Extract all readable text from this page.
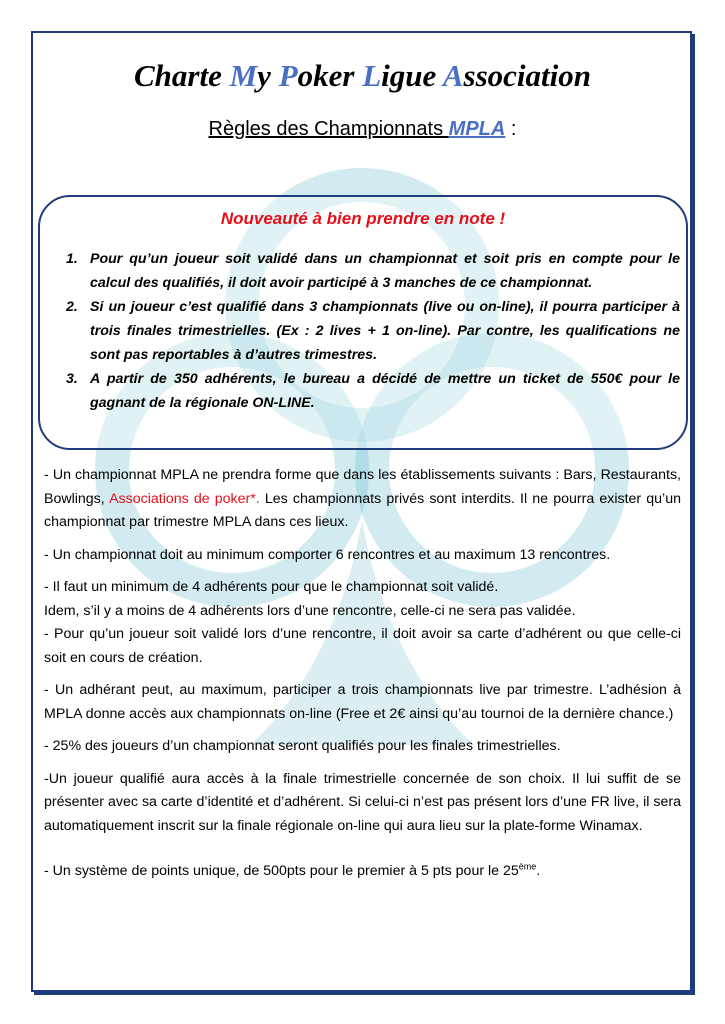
Charte My Poker Ligue Association
Règles des Championnats MPLA :
Nouveauté à bien prendre en note !
1. Pour qu’un joueur soit validé dans un championnat et soit pris en compte pour le calcul des qualifiés, il doit avoir participé à 3 manches de ce championnat.
2. Si un joueur c’est qualifié dans 3 championnats (live ou on-line), il pourra participer à trois finales trimestrielles. (Ex : 2 lives + 1 on-line). Par contre, les qualifications ne sont pas reportables à d’autres trimestres.
3. A partir de 350 adhérents, le bureau a décidé de mettre un ticket de 550€ pour le gagnant de la régionale ON-LINE.

- Un championnat MPLA ne prendra forme que dans les établissements suivants : Bars, Restaurants, Bowlings, Associations de poker*. Les championnats privés sont interdits. Il ne pourra exister qu’un championnat par trimestre MPLA dans ces lieux.

- Un championnat doit au minimum comporter 6 rencontres et au maximum 13 rencontres.

- Il faut un minimum de 4 adhérents pour que le championnat soit validé.

Idem, s’il y a moins de 4 adhérents lors d’une rencontre, celle-ci ne sera pas validée.

- Pour qu’un joueur soit validé lors d’une rencontre, il doit avoir sa carte d’adhérent ou que celle-ci soit en cours de création.

- Un adhérant peut, au maximum, participer a trois championnats live par trimestre. L’adhésion à MPLA donne accès aux championnats on-line (Free et 2€ ainsi qu’au tournoi de la dernière chance.)

- 25% des joueurs d’un championnat seront qualifiés pour les finales trimestrielles.

-Un joueur qualifié aura accès à la finale trimestrielle concernée de son choix. Il lui suffit de se présenter avec sa carte d’identité et d’adhérent. Si celui-ci n’est pas présent lors d’une FR live, il sera automatiquement inscrit sur la finale régionale on-line qui aura lieu sur la plate-forme Winamax.

- Un système de points unique, de 500pts pour le premier à 5 pts pour le 25ème.
